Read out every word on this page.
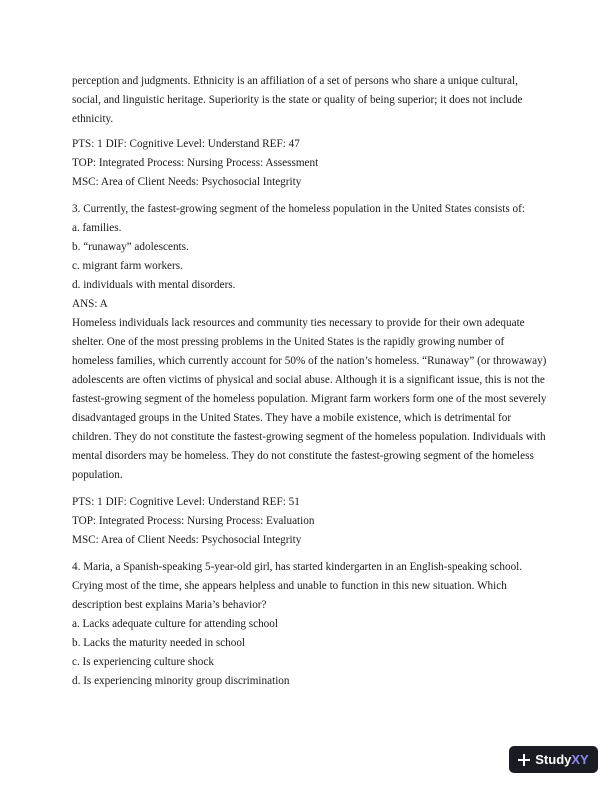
perception and judgments. Ethnicity is an affiliation of a set of persons who share a unique cultural, social, and linguistic heritage. Superiority is the state or quality of being superior; it does not include ethnicity.

PTS: 1 DIF: Cognitive Level: Understand REF: 47

TOP: Integrated Process: Nursing Process: Assessment

MSC: Area of Client Needs: Psychosocial Integrity

3. Currently, the fastest-growing segment of the homeless population in the United States consists of:

a. families.

b. “runaway” adolescents.

c. migrant farm workers.

d. individuals with mental disorders.

ANS: A

Homeless individuals lack resources and community ties necessary to provide for their own adequate shelter. One of the most pressing problems in the United States is the rapidly growing number of homeless families, which currently account for 50% of the nation’s homeless. “Runaway” (or throwaway) adolescents are often victims of physical and social abuse. Although it is a significant issue, this is not the fastest-growing segment of the homeless population. Migrant farm workers form one of the most severely disadvantaged groups in the United States. They have a mobile existence, which is detrimental for children. They do not constitute the fastest-growing segment of the homeless population. Individuals with mental disorders may be homeless. They do not constitute the fastest-growing segment of the homeless population.

PTS: 1 DIF: Cognitive Level: Understand REF: 51

TOP: Integrated Process: Nursing Process: Evaluation

MSC: Area of Client Needs: Psychosocial Integrity

4. Maria, a Spanish-speaking 5-year-old girl, has started kindergarten in an English-speaking school. Crying most of the time, she appears helpless and unable to function in this new situation. Which description best explains Maria’s behavior?

a. Lacks adequate culture for attending school

b. Lacks the maturity needed in school

c. Is experiencing culture shock

d. Is experiencing minority group discrimination

StudyXY
